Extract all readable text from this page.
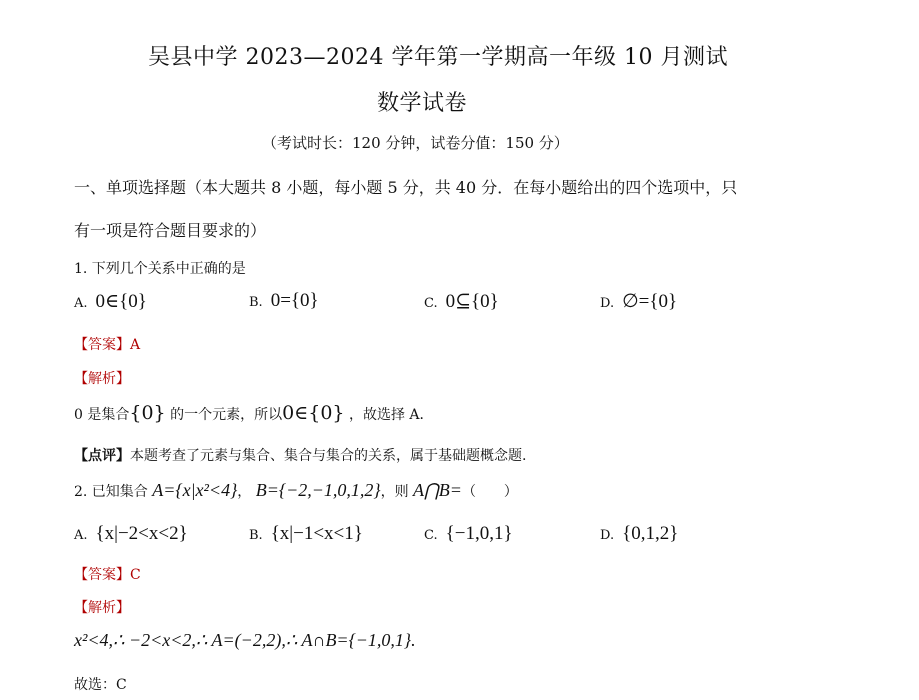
吴县中学 2023—2024 学年第一学期高一年级 10 月测试
数学试卷
（考试时长：120 分钟，试卷分值：150 分）
一、单项选择题（本大题共 8 小题，每小题 5 分，共 40 分．在每小题给出的四个选项中，只
有一项是符合题目要求的）
1. 下列几个关系中正确的是
A. 0∈{0}	B. 0={0}	C. 0⊆{0}	D. ∅={0}
【答案】A
【解析】
0 是集合{0} 的一个元素，所以0∈{0} ，故选择 A．
【点评】本题考查了元素与集合、集合与集合的关系，属于基础题概念题.
2. 已知集合 A={x|x²<4}， B={−2,−1,0,1,2}，则 A⋂B=（　　）
A. {x|−2<x<2}	B. {x|−1<x<1}	C. {−1,0,1}	D. {0,1,2}
【答案】C
【解析】
x²<4,∴ −2<x<2,∴ A=(−2,2),∴ A∩B={−1,0,1}.
故选：C
